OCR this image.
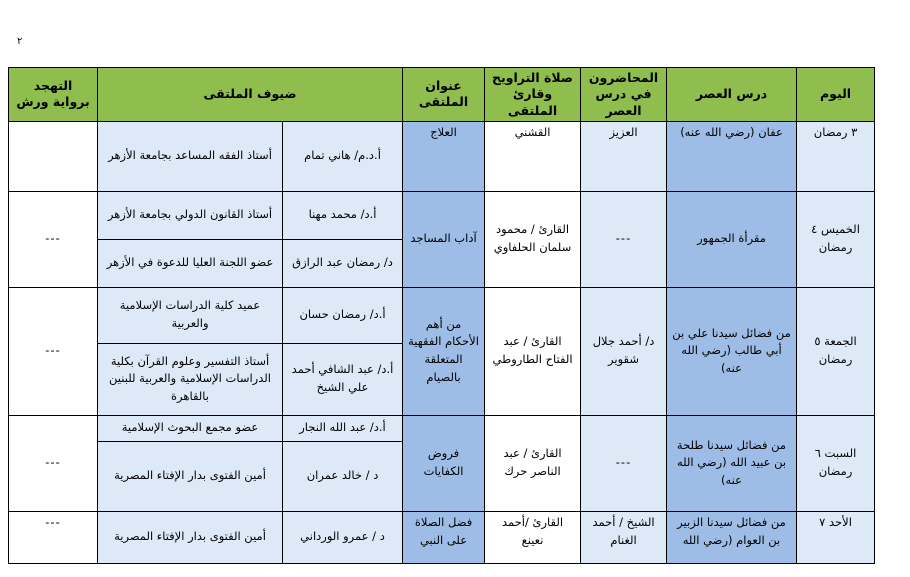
٢
اليوم	درس العصر	المحاضرون في درس العصر	صلاة التراويح وقارئ الملتقى	عنوان الملتقى	ضيوف الملتقى		التهجد برواية ورش
٣ رمضان	عفان (رضي الله عنه)	العزيز	القشني	العلاج	أ.د.م/ هاني تمام	أستاذ الفقه المساعد بجامعة الأزهر	
الخميس ٤ رمضان	مقرأة الجمهور	---	القارئ / محمود سلمان الحلفاوي	آداب المساجد	أ.د/ محمد مهنا	أستاذ القانون الدولي بجامعة الأزهر	---
					د/ رمضان عبد الرازق	عضو اللجنة العليا للدعوة في الأزهر	
الجمعة ٥ رمضان	من فضائل سيدنا علي بن أبي طالب (رضي الله عنه)	د/ أحمد جلال شقوير	القارئ / عبد الفتاح الطاروطي	من أهم الأحكام الفقهية المتعلقة بالصيام	أ.د/ رمضان حسان	عميد كلية الدراسات الإسلامية والعربية	---
					أ.د/ عبد الشافي أحمد علي الشيخ	أستاذ التفسير وعلوم القرآن بكلية الدراسات الإسلامية والعربية للبنين بالقاهرة	
السبت ٦ رمضان	من فضائل سيدنا طلحة بن عبيد الله (رضي الله عنه)	---	القارئ / عبد الناصر حرك	فروض الكفايات	أ.د/ عبد الله النجار	عضو مجمع البحوث الإسلامية	---
					د / خالد عمران	أمين الفتوى بدار الإفتاء المصرية	
الأحد ٧	من فضائل سيدنا الزبير بن العوام (رضي الله	الشيخ / أحمد الغنام	القارئ /أحمد نعينع	فضل الصلاة على النبي	د / عمرو الورداني	أمين الفتوى بدار الإفتاء المصرية	---
